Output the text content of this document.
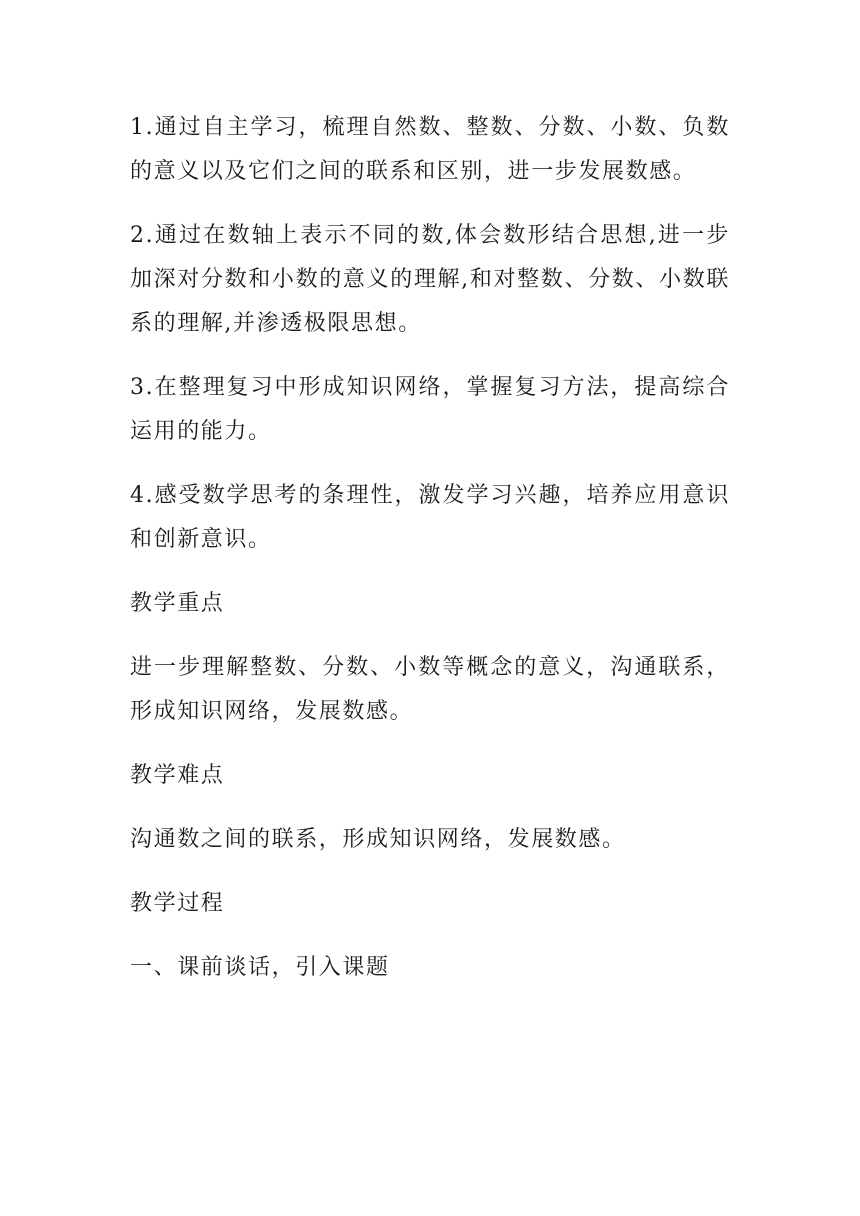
1.通过自主学习，梳理自然数、整数、分数、小数、负数的意义以及它们之间的联系和区别，进一步发展数感。

2.通过在数轴上表示不同的数,体会数形结合思想,进一步加深对分数和小数的意义的理解,和对整数、分数、小数联系的理解,并渗透极限思想。

3.在整理复习中形成知识网络，掌握复习方法，提高综合运用的能力。

4.感受数学思考的条理性，激发学习兴趣，培养应用意识和创新意识。

教学重点

进一步理解整数、分数、小数等概念的意义，沟通联系，形成知识网络，发展数感。

教学难点

沟通数之间的联系，形成知识网络，发展数感。

教学过程

一、课前谈话，引入课题
